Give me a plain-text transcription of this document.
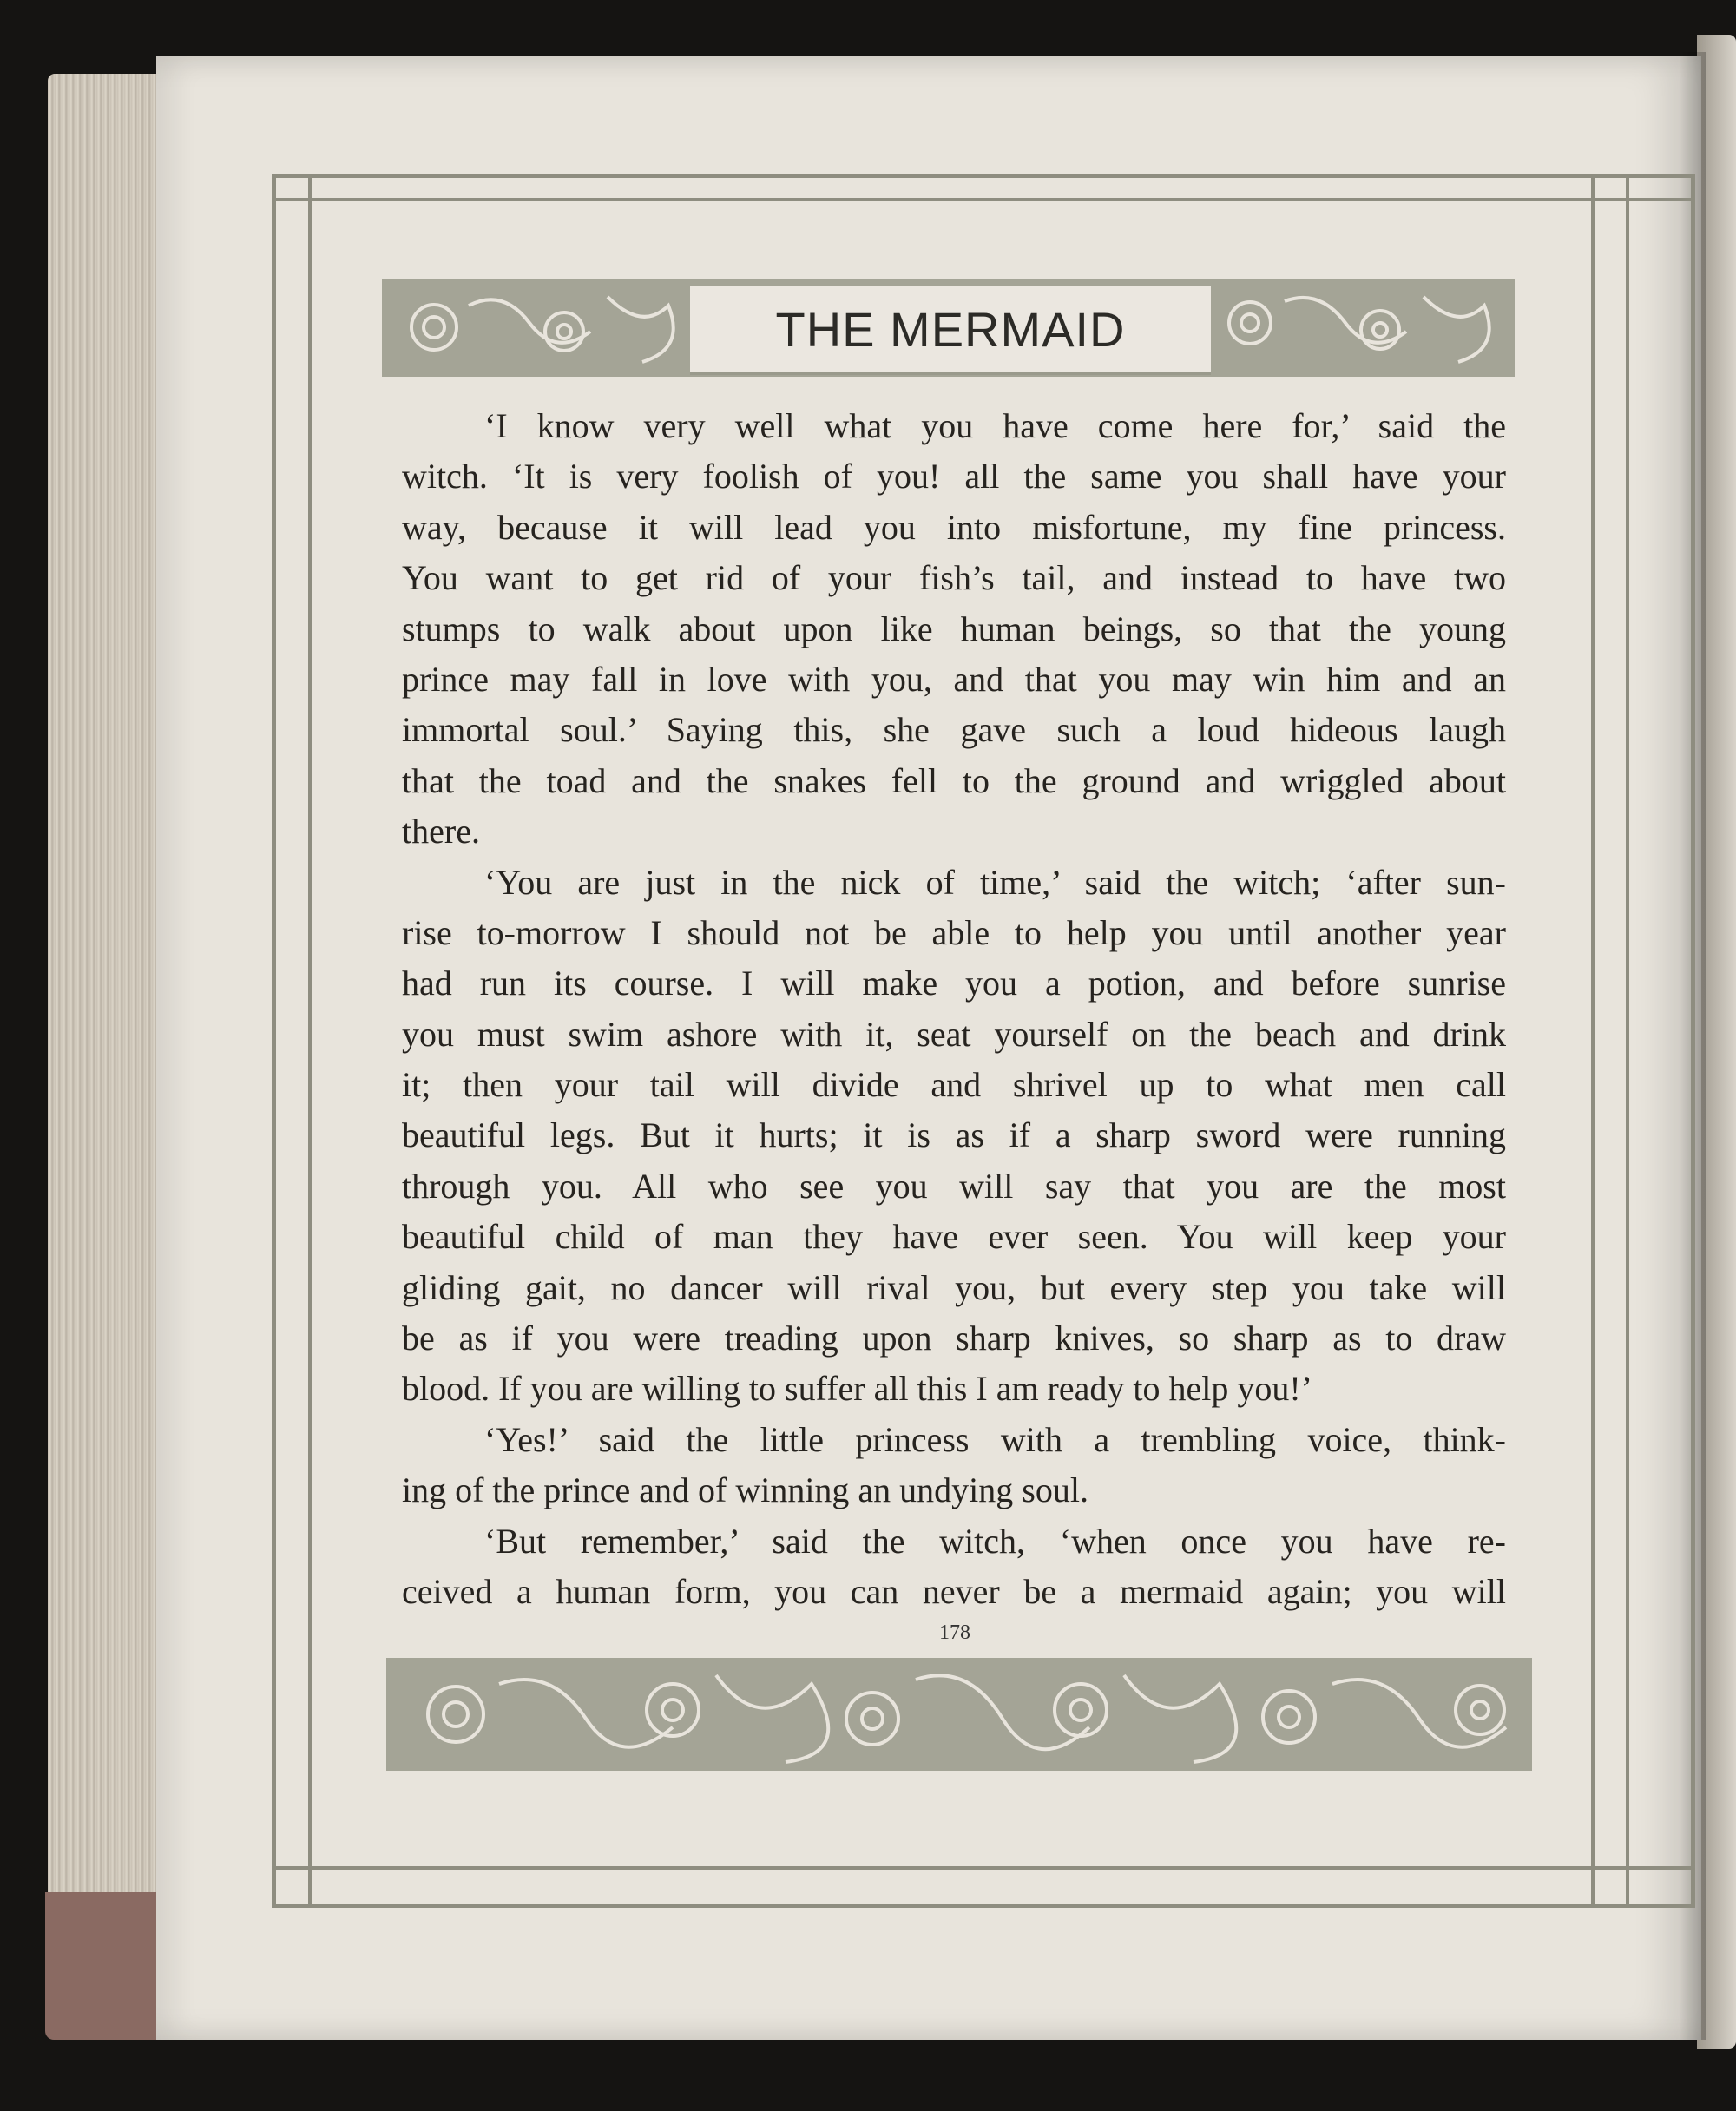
THE MERMAID
‘I know very well what you have come here for,’ said the
witch. ‘It is very foolish of you! all the same you shall have your
way, because it will lead you into misfortune, my fine princess.
You want to get rid of your fish’s tail, and instead to have two
stumps to walk about upon like human beings, so that the young
prince may fall in love with you, and that you may win him and an
immortal soul.’ Saying this, she gave such a loud hideous laugh
that the toad and the snakes fell to the ground and wriggled about
there.
‘You are just in the nick of time,’ said the witch; ‘after sun-
rise to-morrow I should not be able to help you until another year
had run its course. I will make you a potion, and before sunrise
you must swim ashore with it, seat yourself on the beach and drink
it; then your tail will divide and shrivel up to what men call
beautiful legs. But it hurts; it is as if a sharp sword were running
through you. All who see you will say that you are the most
beautiful child of man they have ever seen. You will keep your
gliding gait, no dancer will rival you, but every step you take will
be as if you were treading upon sharp knives, so sharp as to draw
blood. If you are willing to suffer all this I am ready to help you!’
‘Yes!’ said the little princess with a trembling voice, think-
ing of the prince and of winning an undying soul.
‘But remember,’ said the witch, ‘when once you have re-
ceived a human form, you can never be a mermaid again; you will
178
